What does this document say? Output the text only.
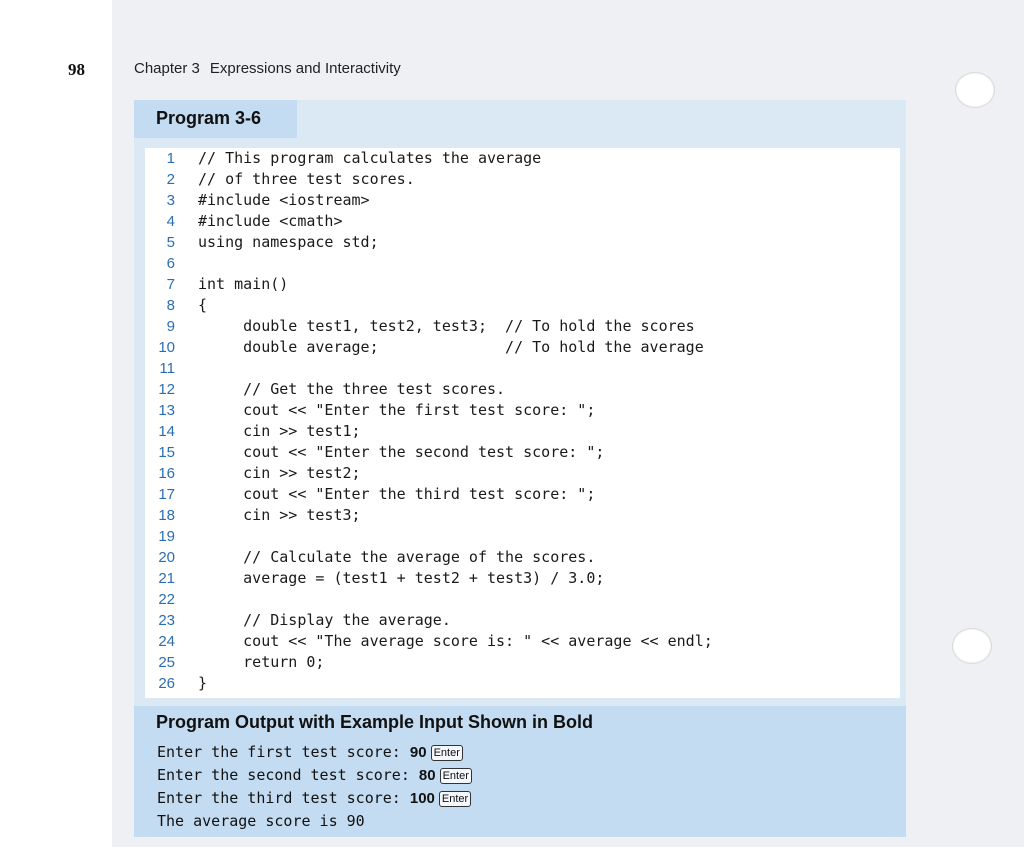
98	Chapter 3 Expressions and Interactivity
Program 3-6
1 // This program calculates the average
2 // of three test scores.
3 #include <iostream>
4 #include <cmath>
5 using namespace std;
6
7 int main()
8 {
9 double test1, test2, test3;  // To hold the scores
10 double average;              // To hold the average
11
12 // Get the three test scores.
13 cout << "Enter the first test score: ";
14 cin >> test1;
15 cout << "Enter the second test score: ";
16 cin >> test2;
17 cout << "Enter the third test score: ";
18 cin >> test3;
19
20 // Calculate the average of the scores.
21 average = (test1 + test2 + test3) / 3.0;
22
23 // Display the average.
24 cout << "The average score is: " << average << endl;
25 return 0;
26 }
Program Output with Example Input Shown in Bold
Enter the first test score: 90 Enter
Enter the second test score: 80 Enter
Enter the third test score: 100 Enter
The average score is 90
